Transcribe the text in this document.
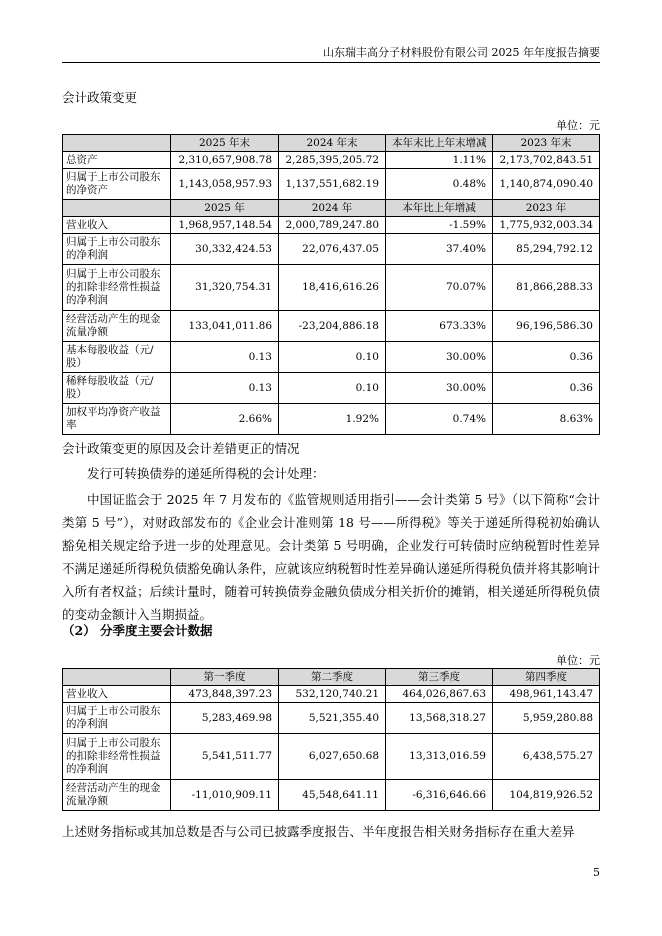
山东瑞丰高分子材料股份有限公司 2025 年年度报告摘要
会计政策变更
单位：元
	2025 年末	2024 年末	本年末比上年末增减	2023 年末
总资产	2,310,657,908.78	2,285,395,205.72	1.11%	2,173,702,843.51
归属于上市公司股东的净资产	1,143,058,957.93	1,137,551,682.19	0.48%	1,140,874,090.40
	2025 年	2024 年	本年比上年增减	2023 年
营业收入	1,968,957,148.54	2,000,789,247.80	-1.59%	1,775,932,003.34
归属于上市公司股东的净利润	30,332,424.53	22,076,437.05	37.40%	85,294,792.12
归属于上市公司股东的扣除非经常性损益的净利润	31,320,754.31	18,416,616.26	70.07%	81,866,288.33
经营活动产生的现金流量净额	133,041,011.86	-23,204,886.18	673.33%	96,196,586.30
基本每股收益（元/股）	0.13	0.10	30.00%	0.36
稀释每股收益（元/股）	0.13	0.10	30.00%	0.36
加权平均净资产收益率	2.66%	1.92%	0.74%	8.63%

会计政策变更的原因及会计差错更正的情况

发行可转换债券的递延所得税的会计处理：

中国证监会于 2025 年 7 月发布的《监管规则适用指引——会计类第 5 号》（以下简称“会计类第 5 号”），对财政部发布的《企业会计准则第 18 号——所得税》等关于递延所得税初始确认豁免相关规定给予进一步的处理意见。会计类第 5 号明确，企业发行可转债时应纳税暂时性差异不满足递延所得税负债豁免确认条件，应就该应纳税暂时性差异确认递延所得税负债并将其影响计入所有者权益；后续计量时，随着可转换债券金融负债成分相关折价的摊销，相关递延所得税负债的变动金额计入当期损益。

（2） 分季度主要会计数据
单位：元
	第一季度	第二季度	第三季度	第四季度
营业收入	473,848,397.23	532,120,740.21	464,026,867.63	498,961,143.47
归属于上市公司股东的净利润	5,283,469.98	5,521,355.40	13,568,318.27	5,959,280.88
归属于上市公司股东的扣除非经常性损益的净利润	5,541,511.77	6,027,650.68	13,313,016.59	6,438,575.27
经营活动产生的现金流量净额	-11,010,909.11	45,548,641.11	-6,316,646.66	104,819,926.52

上述财务指标或其加总数是否与公司已披露季度报告、半年度报告相关财务指标存在重大差异

5
